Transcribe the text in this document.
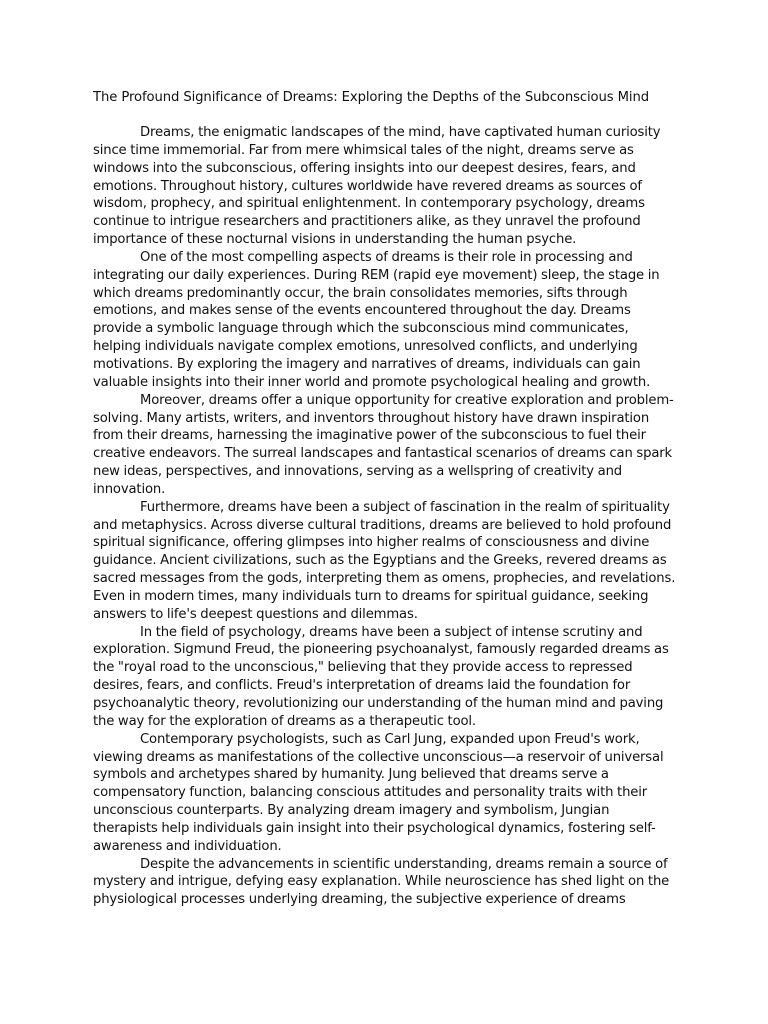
The Profound Significance of Dreams: Exploring the Depths of the Subconscious Mind

Dreams, the enigmatic landscapes of the mind, have captivated human curiosity since time immemorial. Far from mere whimsical tales of the night, dreams serve as windows into the subconscious, offering insights into our deepest desires, fears, and emotions. Throughout history, cultures worldwide have revered dreams as sources of wisdom, prophecy, and spiritual enlightenment. In contemporary psychology, dreams continue to intrigue researchers and practitioners alike, as they unravel the profound importance of these nocturnal visions in understanding the human psyche.

One of the most compelling aspects of dreams is their role in processing and integrating our daily experiences. During REM (rapid eye movement) sleep, the stage in which dreams predominantly occur, the brain consolidates memories, sifts through emotions, and makes sense of the events encountered throughout the day. Dreams provide a symbolic language through which the subconscious mind communicates, helping individuals navigate complex emotions, unresolved conflicts, and underlying motivations. By exploring the imagery and narratives of dreams, individuals can gain valuable insights into their inner world and promote psychological healing and growth.

Moreover, dreams offer a unique opportunity for creative exploration and problem-solving. Many artists, writers, and inventors throughout history have drawn inspiration from their dreams, harnessing the imaginative power of the subconscious to fuel their creative endeavors. The surreal landscapes and fantastical scenarios of dreams can spark new ideas, perspectives, and innovations, serving as a wellspring of creativity and innovation.

Furthermore, dreams have been a subject of fascination in the realm of spirituality and metaphysics. Across diverse cultural traditions, dreams are believed to hold profound spiritual significance, offering glimpses into higher realms of consciousness and divine guidance. Ancient civilizations, such as the Egyptians and the Greeks, revered dreams as sacred messages from the gods, interpreting them as omens, prophecies, and revelations. Even in modern times, many individuals turn to dreams for spiritual guidance, seeking answers to life's deepest questions and dilemmas.

In the field of psychology, dreams have been a subject of intense scrutiny and exploration. Sigmund Freud, the pioneering psychoanalyst, famously regarded dreams as the "royal road to the unconscious," believing that they provide access to repressed desires, fears, and conflicts. Freud's interpretation of dreams laid the foundation for psychoanalytic theory, revolutionizing our understanding of the human mind and paving the way for the exploration of dreams as a therapeutic tool.

Contemporary psychologists, such as Carl Jung, expanded upon Freud's work, viewing dreams as manifestations of the collective unconscious—a reservoir of universal symbols and archetypes shared by humanity. Jung believed that dreams serve a compensatory function, balancing conscious attitudes and personality traits with their unconscious counterparts. By analyzing dream imagery and symbolism, Jungian therapists help individuals gain insight into their psychological dynamics, fostering self-awareness and individuation.

Despite the advancements in scientific understanding, dreams remain a source of mystery and intrigue, defying easy explanation. While neuroscience has shed light on the physiological processes underlying dreaming, the subjective experience of dreams
